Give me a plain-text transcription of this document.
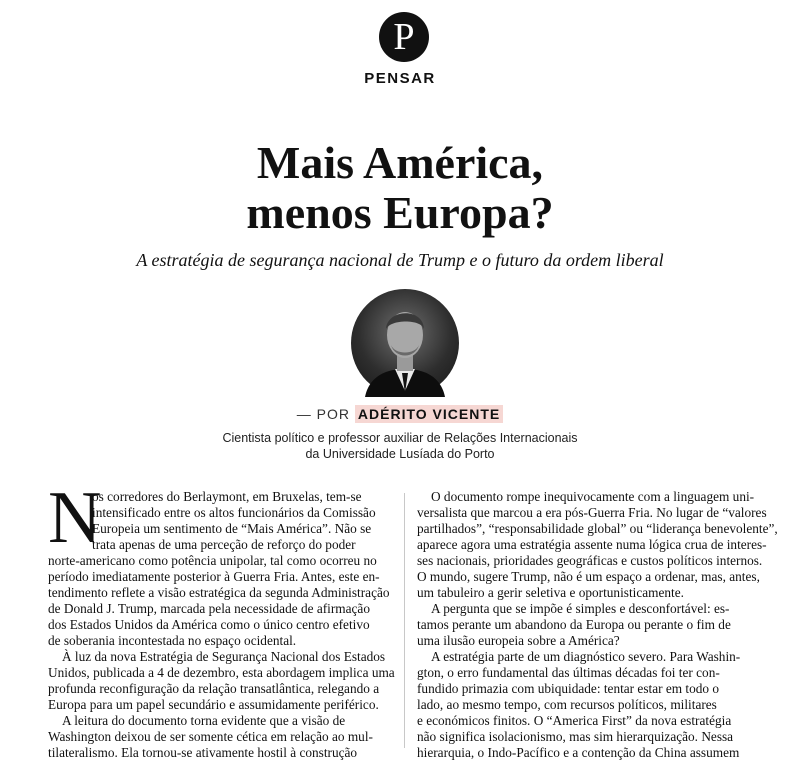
P
PENSAR
Mais América,
menos Europa?
A estratégia de segurança nacional de Trump e o futuro da ordem liberal
— POR ADÉRITO VICENTE
Cientista político e professor auxiliar de Relações Internacionais
da Universidade Lusíada do Porto
N
os corredores do Berlaymont, em Bruxelas, tem-se
intensificado entre os altos funcionários da Comissão
Europeia um sentimento de “Mais América”. Não se
trata apenas de uma perceção de reforço do poder
norte-americano como potência unipolar, tal como ocorreu no
período imediatamente posterior à Guerra Fria. Antes, este en-
tendimento reflete a visão estratégica da segunda Administração
de Donald J. Trump, marcada pela necessidade de afirmação
dos Estados Unidos da América como o único centro efetivo
de soberania incontestada no espaço ocidental.
À luz da nova Estratégia de Segurança Nacional dos Estados
Unidos, publicada a 4 de dezembro, esta abordagem implica uma
profunda reconfiguração da relação transatlântica, relegando a
Europa para um papel secundário e assumidamente periférico.
A leitura do documento torna evidente que a visão de
Washington deixou de ser somente cética em relação ao mul-
tilateralismo. Ela tornou-se ativamente hostil à construção
O documento rompe inequivocamente com a linguagem uni-
versalista que marcou a era pós-Guerra Fria. No lugar de “valores
partilhados”, “responsabilidade global” ou “liderança benevolente”,
aparece agora uma estratégia assente numa lógica crua de interes-
ses nacionais, prioridades geográficas e custos políticos internos.
O mundo, sugere Trump, não é um espaço a ordenar, mas, antes,
um tabuleiro a gerir seletiva e oportunisticamente.
A pergunta que se impõe é simples e desconfortável: es-
tamos perante um abandono da Europa ou perante o fim de
uma ilusão europeia sobre a América?
A estratégia parte de um diagnóstico severo. Para Washin-
gton, o erro fundamental das últimas décadas foi ter con-
fundido primazia com ubiquidade: tentar estar em todo o
lado, ao mesmo tempo, com recursos políticos, militares
e económicos finitos. O “America First” da nova estratégia
não significa isolacionismo, mas sim hierarquização. Nessa
hierarquia, o Indo-Pacífico e a contenção da China assumem
